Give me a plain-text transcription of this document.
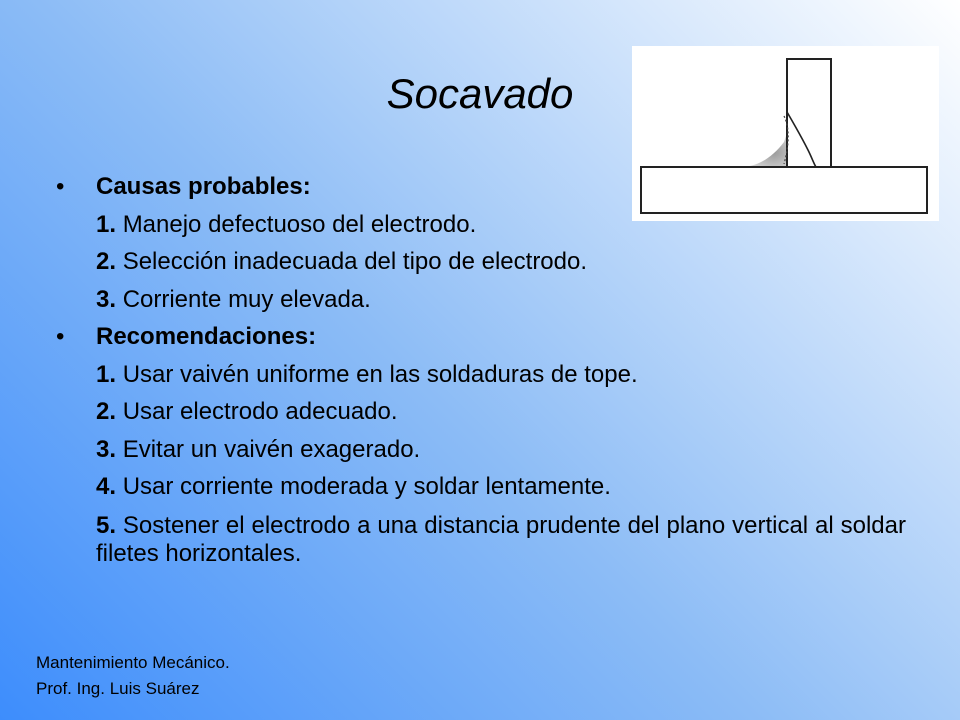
Socavado
• Causas probables:
1. Manejo defectuoso del electrodo.
2. Selección inadecuada del tipo de electrodo.
3. Corriente muy elevada.
• Recomendaciones:
1. Usar vaivén uniforme en las soldaduras de tope.
2. Usar electrodo adecuado.
3. Evitar un vaivén exagerado.
4. Usar corriente moderada y soldar lentamente.
5. Sostener el electrodo a una distancia prudente del plano vertical al soldar filetes horizontales.
Mantenimiento Mecánico.
Prof. Ing. Luis Suárez
